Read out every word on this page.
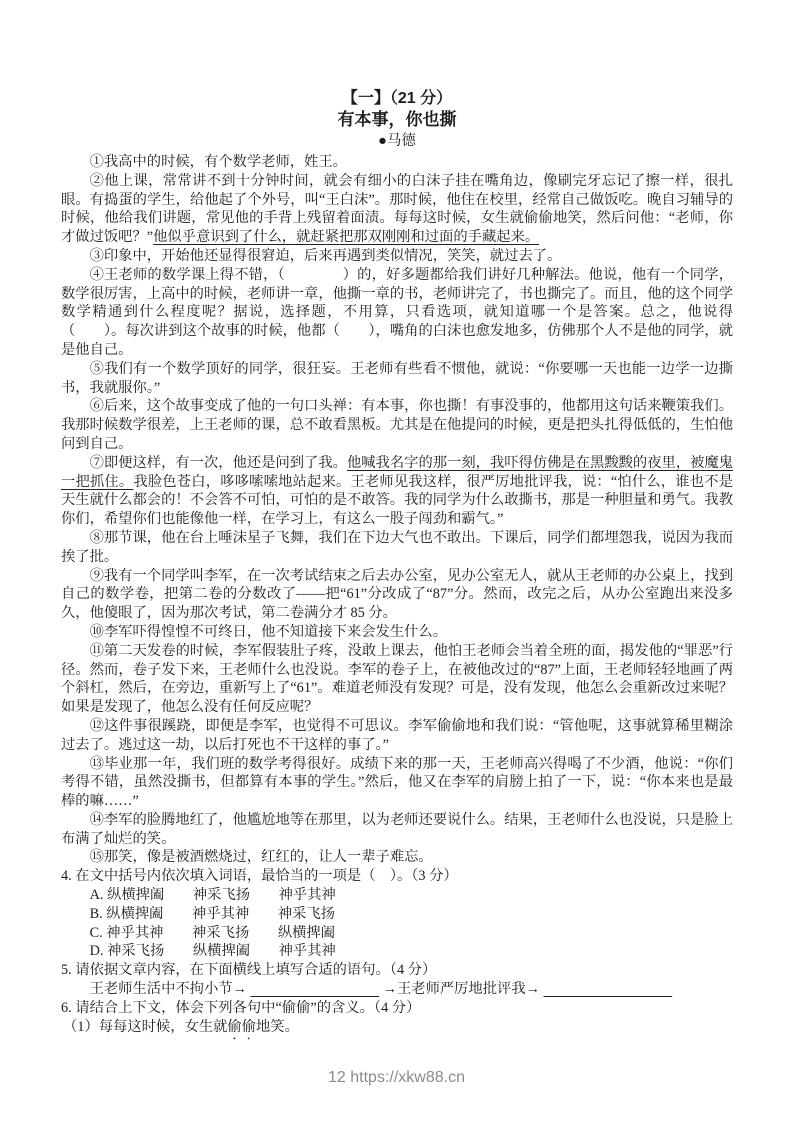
【一】（21 分）
有本事，你也撕
●马德
①我高中的时候，有个数学老师，姓王。
②他上课，常常讲不到十分钟时间，就会有细小的白沫子挂在嘴角边，像刷完牙忘记了擦一样，很扎眼。有捣蛋的学生，给他起了个外号，叫“王白沫”。那时候，他住在校里，经常自己做饭吃。晚自习辅导的时候，他给我们讲题，常见他的手背上残留着面渍。每每这时候，女生就偷偷地笑，然后问他：“老师，你才做过饭吧？”他似乎意识到了什么，就赶紧把那双刚刚和过面的手藏起来。
③印象中，开始他还显得很窘迫，后来再遇到类似情况，笑笑，就过去了。
④王老师的数学课上得不错，（　　　　）的，好多题都给我们讲好几种解法。他说，他有一个同学，数学很厉害，上高中的时候，老师讲一章，他撕一章的书，老师讲完了，书也撕完了。而且，他的这个同学数学精通到什么程度呢？据说，选择题，不用算，只看选项，就知道哪一个是答案。总之，他说得（　　）。每次讲到这个故事的时候，他都（　　），嘴角的白沫也愈发地多，仿佛那个人不是他的同学，就是他自己。
⑤我们有一个数学顶好的同学，很狂妄。王老师有些看不惯他，就说：“你要哪一天也能一边学一边撕书，我就服你。”
⑥后来，这个故事变成了他的一句口头禅：有本事，你也撕！有事没事的，他都用这句话来鞭策我们。我那时候数学很差，上王老师的课，总不敢看黑板。尤其是在他提问的时候，更是把头扎得低低的，生怕他问到自己。
⑦即便这样，有一次，他还是问到了我。他喊我名字的那一刻，我吓得仿佛是在黑黢黢的夜里，被魔鬼一把抓住。我脸色苍白，哆哆嗦嗦地站起来。王老师见我这样，很严厉地批评我，说：“怕什么，谁也不是天生就什么都会的！不会答不可怕，可怕的是不敢答。我的同学为什么敢撕书，那是一种胆量和勇气。我教你们，希望你们也能像他一样，在学习上，有这么一股子闯劲和霸气。”
⑧那节课，他在台上唾沫星子飞舞，我们在下边大气也不敢出。下课后，同学们都埋怨我，说因为我而挨了批。
⑨我有一个同学叫李军，在一次考试结束之后去办公室，见办公室无人，就从王老师的办公桌上，找到自己的数学卷，把第二卷的分数改了——把“61”分改成了“87”分。然而，改完之后，从办公室跑出来没多久，他傻眼了，因为那次考试，第二卷满分才 85 分。
⑩李军吓得惶惶不可终日，他不知道接下来会发生什么。
⑪第二天发卷的时候，李军假装肚子疼，没敢上课去，他怕王老师会当着全班的面，揭发他的“罪恶”行径。然而，卷子发下来，王老师什么也没说。李军的卷子上，在被他改过的“87”上面，王老师轻轻地画了两个斜杠，然后，在旁边，重新写上了“61”。难道老师没有发现？可是，没有发现，他怎么会重新改过来呢？如果是发现了，他怎么没有任何反应呢？
⑫这件事很蹊跷，即便是李军，也觉得不可思议。李军偷偷地和我们说：“管他呢，这事就算稀里糊涂过去了。逃过这一劫，以后打死也不干这样的事了。”
⑬毕业那一年，我们班的数学考得很好。成绩下来的那一天，王老师高兴得喝了不少酒，他说：“你们考得不错，虽然没撕书，但都算有本事的学生。”然后，他又在李军的肩膀上拍了一下，说：“你本来也是最棒的嘛……”
⑭李军的脸腾地红了，他尴尬地等在那里，以为老师还要说什么。结果，王老师什么也没说，只是脸上布满了灿烂的笑。
⑮那笑，像是被酒燃烧过，红红的，让人一辈子难忘。
4. 在文中括号内依次填入词语，最恰当的一项是（　）。（3 分）
A. 纵横捭阖　　神采飞扬　　神乎其神
B. 纵横捭阖　　神乎其神　　神采飞扬
C. 神乎其神　　神采飞扬　　纵横捭阖
D. 神采飞扬　　纵横捭阖　　神乎其神
5. 请依据文章内容，在下面横线上填写合适的语句。（4 分）
王老师生活中不拘小节→ 　　　　　　　　　	→王老师严厉地批评我→ 　　　　　　　　　
6. 请结合上下文，体会下列各句中“偷偷”的含义。（4 分）
（1）每每这时候，女生就偷偷地笑。
12 https://xkw88.cn
